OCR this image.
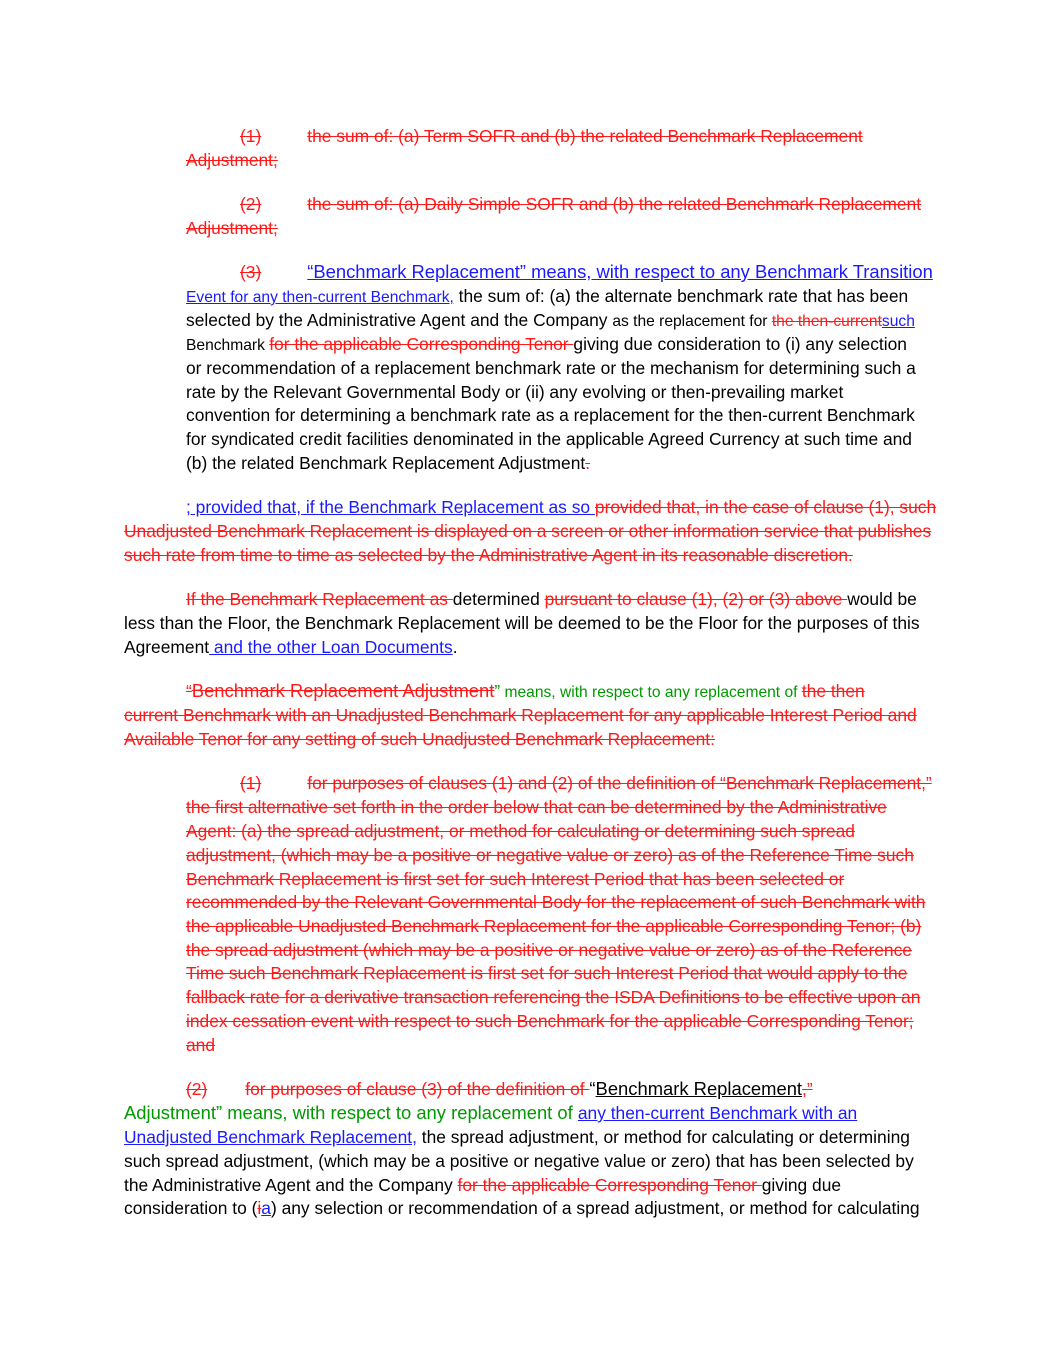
(1)	the sum of: (a) Term SOFR and (b) the related Benchmark Replacement
Adjustment;
(2)	the sum of: (a) Daily Simple SOFR and (b) the related Benchmark Replacement
Adjustment;
(3)	“Benchmark Replacement” means, with respect to any Benchmark Transition
Event for any then-current Benchmark, the sum of: (a) the alternate benchmark rate that has been
selected by the Administrative Agent and the Company as the replacement for the then-currentsuch
Benchmark for the applicable Corresponding Tenor giving due consideration to (i) any selection
or recommendation of a replacement benchmark rate or the mechanism for determining such a
rate by the Relevant Governmental Body or (ii) any evolving or then-prevailing market
convention for determining a benchmark rate as a replacement for the then-current Benchmark
for syndicated credit facilities denominated in the applicable Agreed Currency at such time and
(b) the related Benchmark Replacement Adjustment.
; provided that, if the Benchmark Replacement as so provided that, in the case of clause (1), such
Unadjusted Benchmark Replacement is displayed on a screen or other information service that publishes
such rate from time to time as selected by the Administrative Agent in its reasonable discretion.
If the Benchmark Replacement as determined pursuant to clause (1), (2) or (3) above would be
less than the Floor, the Benchmark Replacement will be deemed to be the Floor for the purposes of this
Agreement and the other Loan Documents.
“Benchmark Replacement Adjustment” means, with respect to any replacement of the then
current Benchmark with an Unadjusted Benchmark Replacement for any applicable Interest Period and
Available Tenor for any setting of such Unadjusted Benchmark Replacement:
(1)	for purposes of clauses (1) and (2) of the definition of “Benchmark Replacement,”
the first alternative set forth in the order below that can be determined by the Administrative
Agent: (a) the spread adjustment, or method for calculating or determining such spread
adjustment, (which may be a positive or negative value or zero) as of the Reference Time such
Benchmark Replacement is first set for such Interest Period that has been selected or
recommended by the Relevant Governmental Body for the replacement of such Benchmark with
the applicable Unadjusted Benchmark Replacement for the applicable Corresponding Tenor; (b)
the spread adjustment (which may be a positive or negative value or zero) as of the Reference
Time such Benchmark Replacement is first set for such Interest Period that would apply to the
fallback rate for a derivative transaction referencing the ISDA Definitions to be effective upon an
index cessation event with respect to such Benchmark for the applicable Corresponding Tenor;
and
(2) for purposes of clause (3) of the definition of “Benchmark Replacement,”
Adjustment” means, with respect to any replacement of any then-current Benchmark with an
Unadjusted Benchmark Replacement, the spread adjustment, or method for calculating or determining
such spread adjustment, (which may be a positive or negative value or zero) that has been selected by
the Administrative Agent and the Company for the applicable Corresponding Tenor giving due
consideration to (ia) any selection or recommendation of a spread adjustment, or method for calculating
